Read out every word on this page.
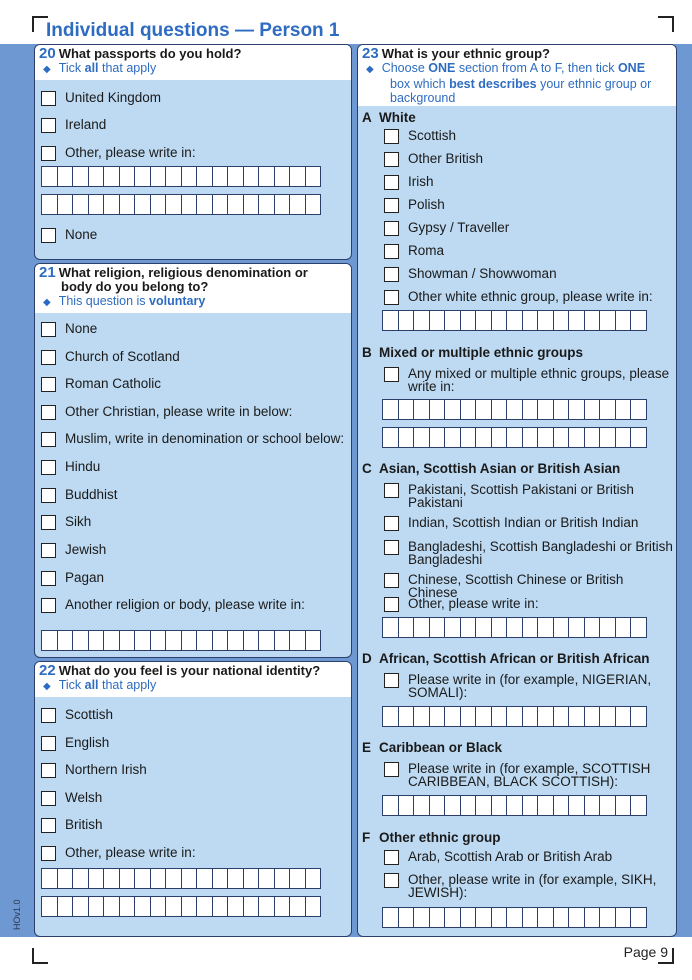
Individual questions — Person 1
Page 9
HOv1.0
20 What passports do you hold?
◆ Tick all that apply
United Kingdom
Ireland
Other, please write in:
None
21 What religion, religious denomination or
body do you belong to?
◆ This question is voluntary
None
Church of Scotland
Roman Catholic
Other Christian, please write in below:
Muslim, write in denomination or school below:
Hindu
Buddhist
Sikh
Jewish
Pagan
Another religion or body, please write in:
22 What do you feel is your national identity?
◆ Tick all that apply
Scottish
English
Northern Irish
Welsh
British
Other, please write in:
23 What is your ethnic group?
◆ Choose ONE section from A to F, then tick ONE
box which best describes your ethnic group or
background
A White
Scottish
Other British
Irish
Polish
Gypsy / Traveller
Roma
Showman / Showwoman
Other white ethnic group, please write in:
B Mixed or multiple ethnic groups
Any mixed or multiple ethnic groups, please
write in:
C Asian, Scottish Asian or British Asian
Pakistani, Scottish Pakistani or British
Pakistani
Indian, Scottish Indian or British Indian
Bangladeshi, Scottish Bangladeshi or British
Bangladeshi
Chinese, Scottish Chinese or British Chinese
Other, please write in:
D African, Scottish African or British African
Please write in (for example, NIGERIAN,
SOMALI):
E Caribbean or Black
Please write in (for example, SCOTTISH
CARIBBEAN, BLACK SCOTTISH):
F Other ethnic group
Arab, Scottish Arab or British Arab
Other, please write in (for example, SIKH,
JEWISH):
